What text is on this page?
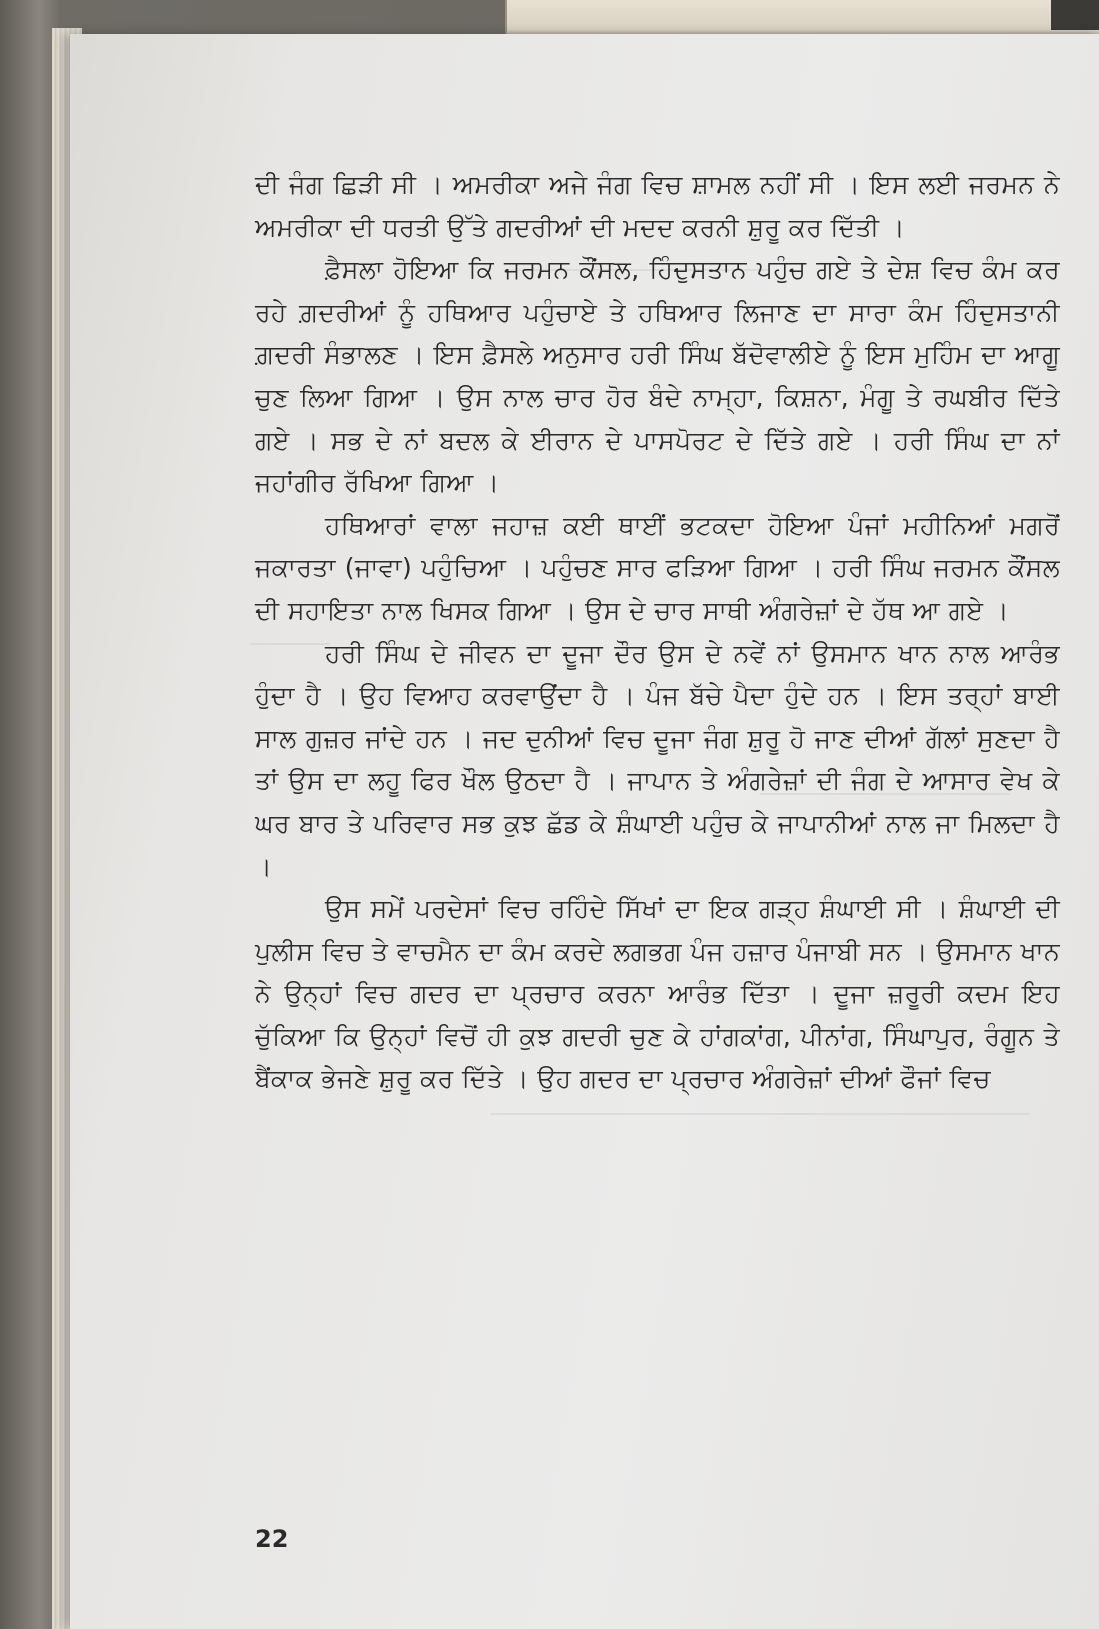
ਦੀ ਜੰਗ ਛਿੜੀ ਸੀ । ਅਮਰੀਕਾ ਅਜੇ ਜੰਗ ਵਿਚ ਸ਼ਾਮਲ ਨਹੀਂ ਸੀ । ਇਸ ਲਈ ਜਰਮਨ ਨੇ ਅਮਰੀਕਾ ਦੀ ਧਰਤੀ ਉੱਤੇ ਗਦਰੀਆਂ ਦੀ ਮਦਦ ਕਰਨੀ ਸ਼ੁਰੂ ਕਰ ਦਿੱਤੀ ।

ਫ਼ੈਸਲਾ ਹੋਇਆ ਕਿ ਜਰਮਨ ਕੌਂਸਲ, ਹਿੰਦੁਸਤਾਨ ਪਹੁੰਚ ਗਏ ਤੇ ਦੇਸ਼ ਵਿਚ ਕੰਮ ਕਰ ਰਹੇ ਗ਼ਦਰੀਆਂ ਨੂੰ ਹਥਿਆਰ ਪਹੁੰਚਾਏ ਤੇ ਹਥਿਆਰ ਲਿਜਾਣ ਦਾ ਸਾਰਾ ਕੰਮ ਹਿੰਦੁਸਤਾਨੀ ਗ਼ਦਰੀ ਸੰਭਾਲਣ । ਇਸ ਫ਼ੈਸਲੇ ਅਨੁਸਾਰ ਹਰੀ ਸਿੰਘ ਬੱਦੋਵਾਲੀਏ ਨੂੰ ਇਸ ਮੁਹਿੰਮ ਦਾ ਆਗੂ ਚੁਣ ਲਿਆ ਗਿਆ । ਉਸ ਨਾਲ ਚਾਰ ਹੋਰ ਬੰਦੇ ਨਾਮ੍ਹਾ, ਕਿਸ਼ਨਾ, ਮੰਗੂ ਤੇ ਰਘਬੀਰ ਦਿੱਤੇ ਗਏ । ਸਭ ਦੇ ਨਾਂ ਬਦਲ ਕੇ ਈਰਾਨ ਦੇ ਪਾਸਪੋਰਟ ਦੇ ਦਿੱਤੇ ਗਏ । ਹਰੀ ਸਿੰਘ ਦਾ ਨਾਂ ਜਹਾਂਗੀਰ ਰੱਖਿਆ ਗਿਆ ।

ਹਥਿਆਰਾਂ ਵਾਲਾ ਜਹਾਜ਼ ਕਈ ਥਾਈਂ ਭਟਕਦਾ ਹੋਇਆ ਪੰਜਾਂ ਮਹੀਨਿਆਂ ਮਗਰੋਂ ਜਕਾਰਤਾ (ਜਾਵਾ) ਪਹੁੰਚਿਆ । ਪਹੁੰਚਣ ਸਾਰ ਫੜਿਆ ਗਿਆ । ਹਰੀ ਸਿੰਘ ਜਰਮਨ ਕੌਂਸਲ ਦੀ ਸਹਾਇਤਾ ਨਾਲ ਖਿਸਕ ਗਿਆ । ਉਸ ਦੇ ਚਾਰ ਸਾਥੀ ਅੰਗਰੇਜ਼ਾਂ ਦੇ ਹੱਥ ਆ ਗਏ ।

ਹਰੀ ਸਿੰਘ ਦੇ ਜੀਵਨ ਦਾ ਦੂਜਾ ਦੌਰ ਉਸ ਦੇ ਨਵੇਂ ਨਾਂ ਉਸਮਾਨ ਖਾਨ ਨਾਲ ਆਰੰਭ ਹੁੰਦਾ ਹੈ । ਉਹ ਵਿਆਹ ਕਰਵਾਉਂਦਾ ਹੈ । ਪੰਜ ਬੱਚੇ ਪੈਦਾ ਹੁੰਦੇ ਹਨ । ਇਸ ਤਰ੍ਹਾਂ ਬਾਈ ਸਾਲ ਗੁਜ਼ਰ ਜਾਂਦੇ ਹਨ । ਜਦ ਦੁਨੀਆਂ ਵਿਚ ਦੂਜਾ ਜੰਗ ਸ਼ੁਰੂ ਹੋ ਜਾਣ ਦੀਆਂ ਗੱਲਾਂ ਸੁਣਦਾ ਹੈ ਤਾਂ ਉਸ ਦਾ ਲਹੂ ਫਿਰ ਖੌਲ ਉਠਦਾ ਹੈ । ਜਾਪਾਨ ਤੇ ਅੰਗਰੇਜ਼ਾਂ ਦੀ ਜੰਗ ਦੇ ਆਸਾਰ ਵੇਖ ਕੇ ਘਰ ਬਾਰ ਤੇ ਪਰਿਵਾਰ ਸਭ ਕੁਝ ਛੱਡ ਕੇ ਸ਼ੰਘਾਈ ਪਹੁੰਚ ਕੇ ਜਾਪਾਨੀਆਂ ਨਾਲ ਜਾ ਮਿਲਦਾ ਹੈ ।

ਉਸ ਸਮੇਂ ਪਰਦੇਸਾਂ ਵਿਚ ਰਹਿੰਦੇ ਸਿੱਖਾਂ ਦਾ ਇਕ ਗੜ੍ਹ ਸ਼ੰਘਾਈ ਸੀ । ਸ਼ੰਘਾਈ ਦੀ ਪੁਲੀਸ ਵਿਚ ਤੇ ਵਾਚਮੈਨ ਦਾ ਕੰਮ ਕਰਦੇ ਲਗਭਗ ਪੰਜ ਹਜ਼ਾਰ ਪੰਜਾਬੀ ਸਨ । ਉਸਮਾਨ ਖਾਨ ਨੇ ਉਨ੍ਹਾਂ ਵਿਚ ਗਦਰ ਦਾ ਪ੍ਰਚਾਰ ਕਰਨਾ ਆਰੰਭ ਦਿੱਤਾ । ਦੂਜਾ ਜ਼ਰੂਰੀ ਕਦਮ ਇਹ ਚੁੱਕਿਆ ਕਿ ਉਨ੍ਹਾਂ ਵਿਚੋਂ ਹੀ ਕੁਝ ਗਦਰੀ ਚੁਣ ਕੇ ਹਾਂਗਕਾਂਗ, ਪੀਨਾਂਗ, ਸਿੰਘਾਪੁਰ, ਰੰਗੂਨ ਤੇ ਬੈਂਕਾਕ ਭੇਜਣੇ ਸ਼ੁਰੂ ਕਰ ਦਿੱਤੇ । ਉਹ ਗਦਰ ਦਾ ਪ੍ਰਚਾਰ ਅੰਗਰੇਜ਼ਾਂ ਦੀਆਂ ਫੌਜਾਂ ਵਿਚ

22
